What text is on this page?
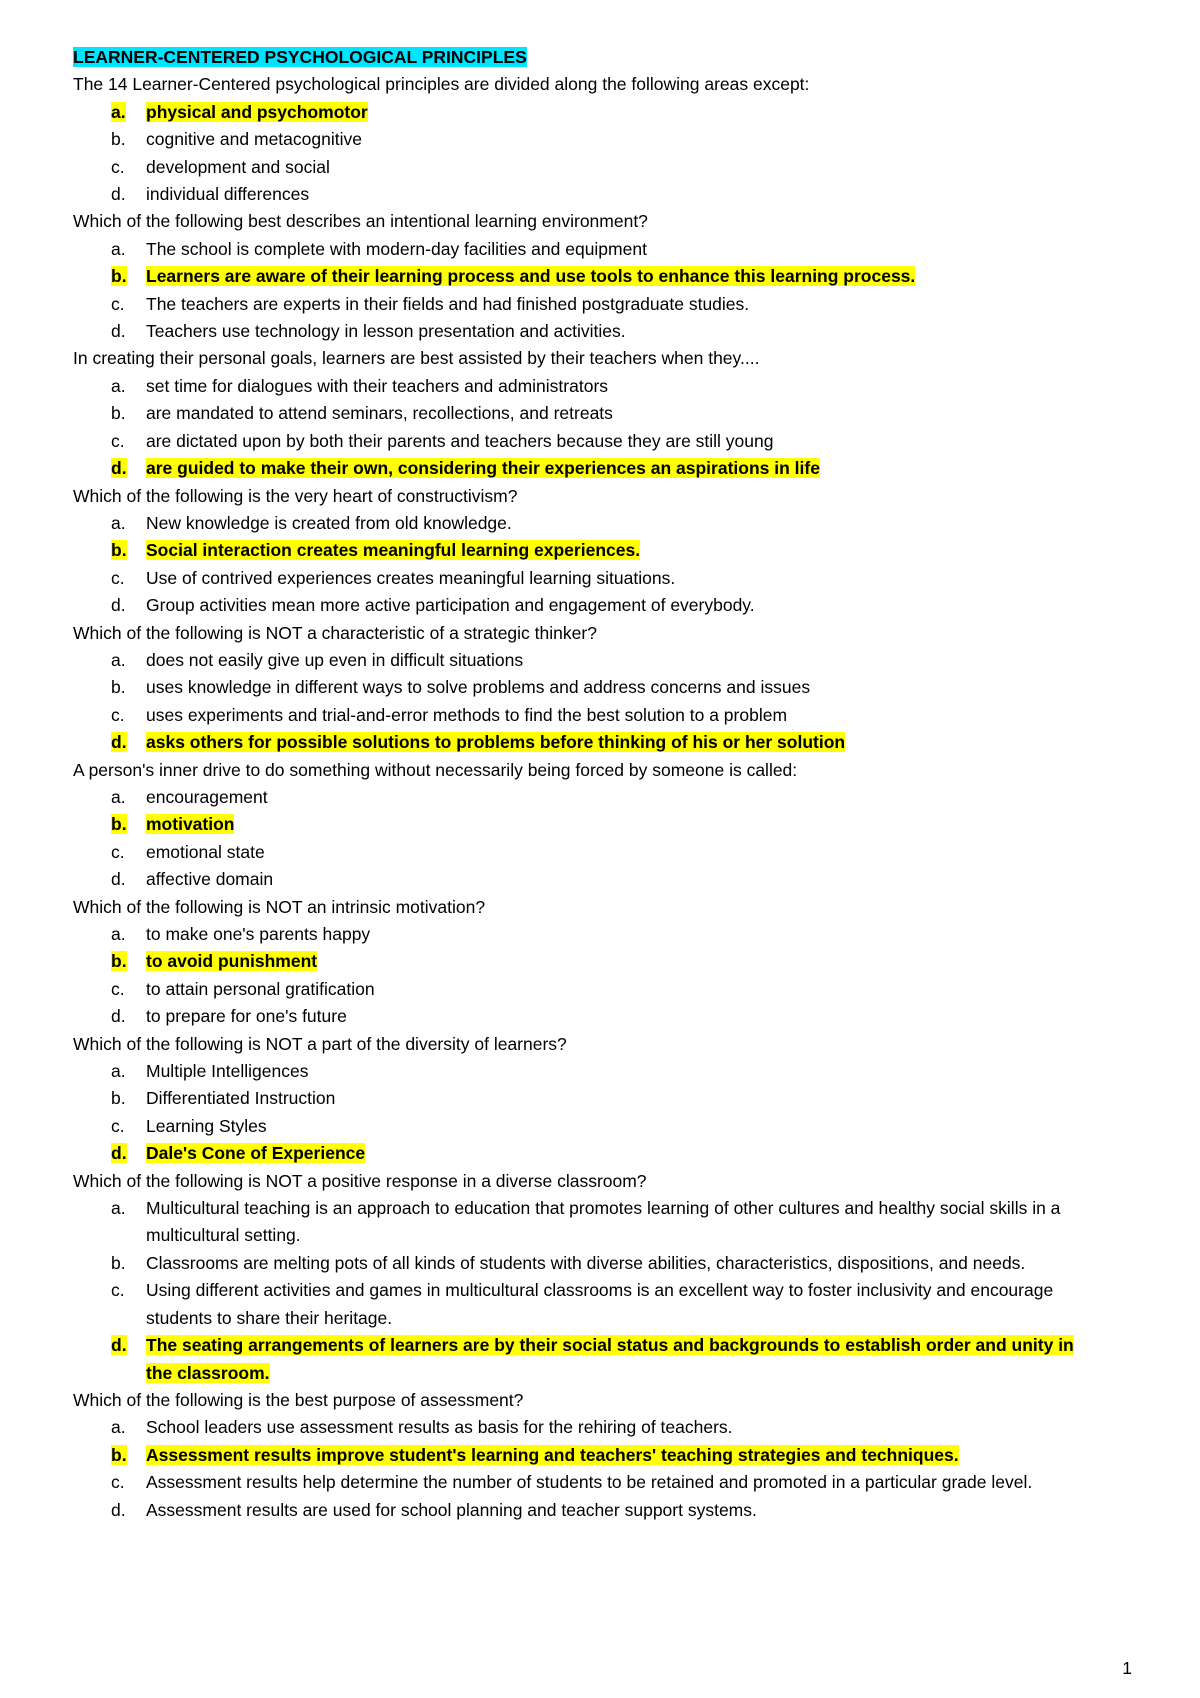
LEARNER-CENTERED PSYCHOLOGICAL PRINCIPLES

The 14 Learner-Centered psychological principles are divided along the following areas except:

a.	physical and psychomotor
b.	cognitive and metacognitive
c.	development and social
d.	individual differences

Which of the following best describes an intentional learning environment?

a.	The school is complete with modern-day facilities and equipment
b.	Learners are aware of their learning process and use tools to enhance this learning process.
c.	The teachers are experts in their fields and had finished postgraduate studies.
d.	Teachers use technology in lesson presentation and activities.

In creating their personal goals, learners are best assisted by their teachers when they....

a.	set time for dialogues with their teachers and administrators
b.	are mandated to attend seminars, recollections, and retreats
c.	are dictated upon by both their parents and teachers because they are still young
d.	are guided to make their own, considering their experiences an aspirations in life

Which of the following is the very heart of constructivism?

a.	New knowledge is created from old knowledge.
b.	Social interaction creates meaningful learning experiences.
c.	Use of contrived experiences creates meaningful learning situations.
d.	Group activities mean more active participation and engagement of everybody.

Which of the following is NOT a characteristic of a strategic thinker?

a.	does not easily give up even in difficult situations
b.	uses knowledge in different ways to solve problems and address concerns and issues
c.	uses experiments and trial-and-error methods to find the best solution to a problem
d.	asks others for possible solutions to problems before thinking of his or her solution

A person's inner drive to do something without necessarily being forced by someone is called:

a.	encouragement
b.	motivation
c.	emotional state
d.	affective domain

Which of the following is NOT an intrinsic motivation?

a.	to make one's parents happy
b.	to avoid punishment
c.	to attain personal gratification
d.	to prepare for one's future

Which of the following is NOT a part of the diversity of learners?

a.	Multiple Intelligences
b.	Differentiated Instruction
c.	Learning Styles
d.	Dale's Cone of Experience

Which of the following is NOT a positive response in a diverse classroom?

a.	Multicultural teaching is an approach to education that promotes learning of other cultures and healthy social skills in a multicultural setting.
b.	Classrooms are melting pots of all kinds of students with diverse abilities, characteristics, dispositions, and needs.
c.	Using different activities and games in multicultural classrooms is an excellent way to foster inclusivity and encourage students to share their heritage.
d.	The seating arrangements of learners are by their social status and backgrounds to establish order and unity in the classroom.

Which of the following is the best purpose of assessment?

a.	School leaders use assessment results as basis for the rehiring of teachers.
b.	Assessment results improve student's learning and teachers' teaching strategies and techniques.
c.	Assessment results help determine the number of students to be retained and promoted in a particular grade level.
d.	Assessment results are used for school planning and teacher support systems.
1
